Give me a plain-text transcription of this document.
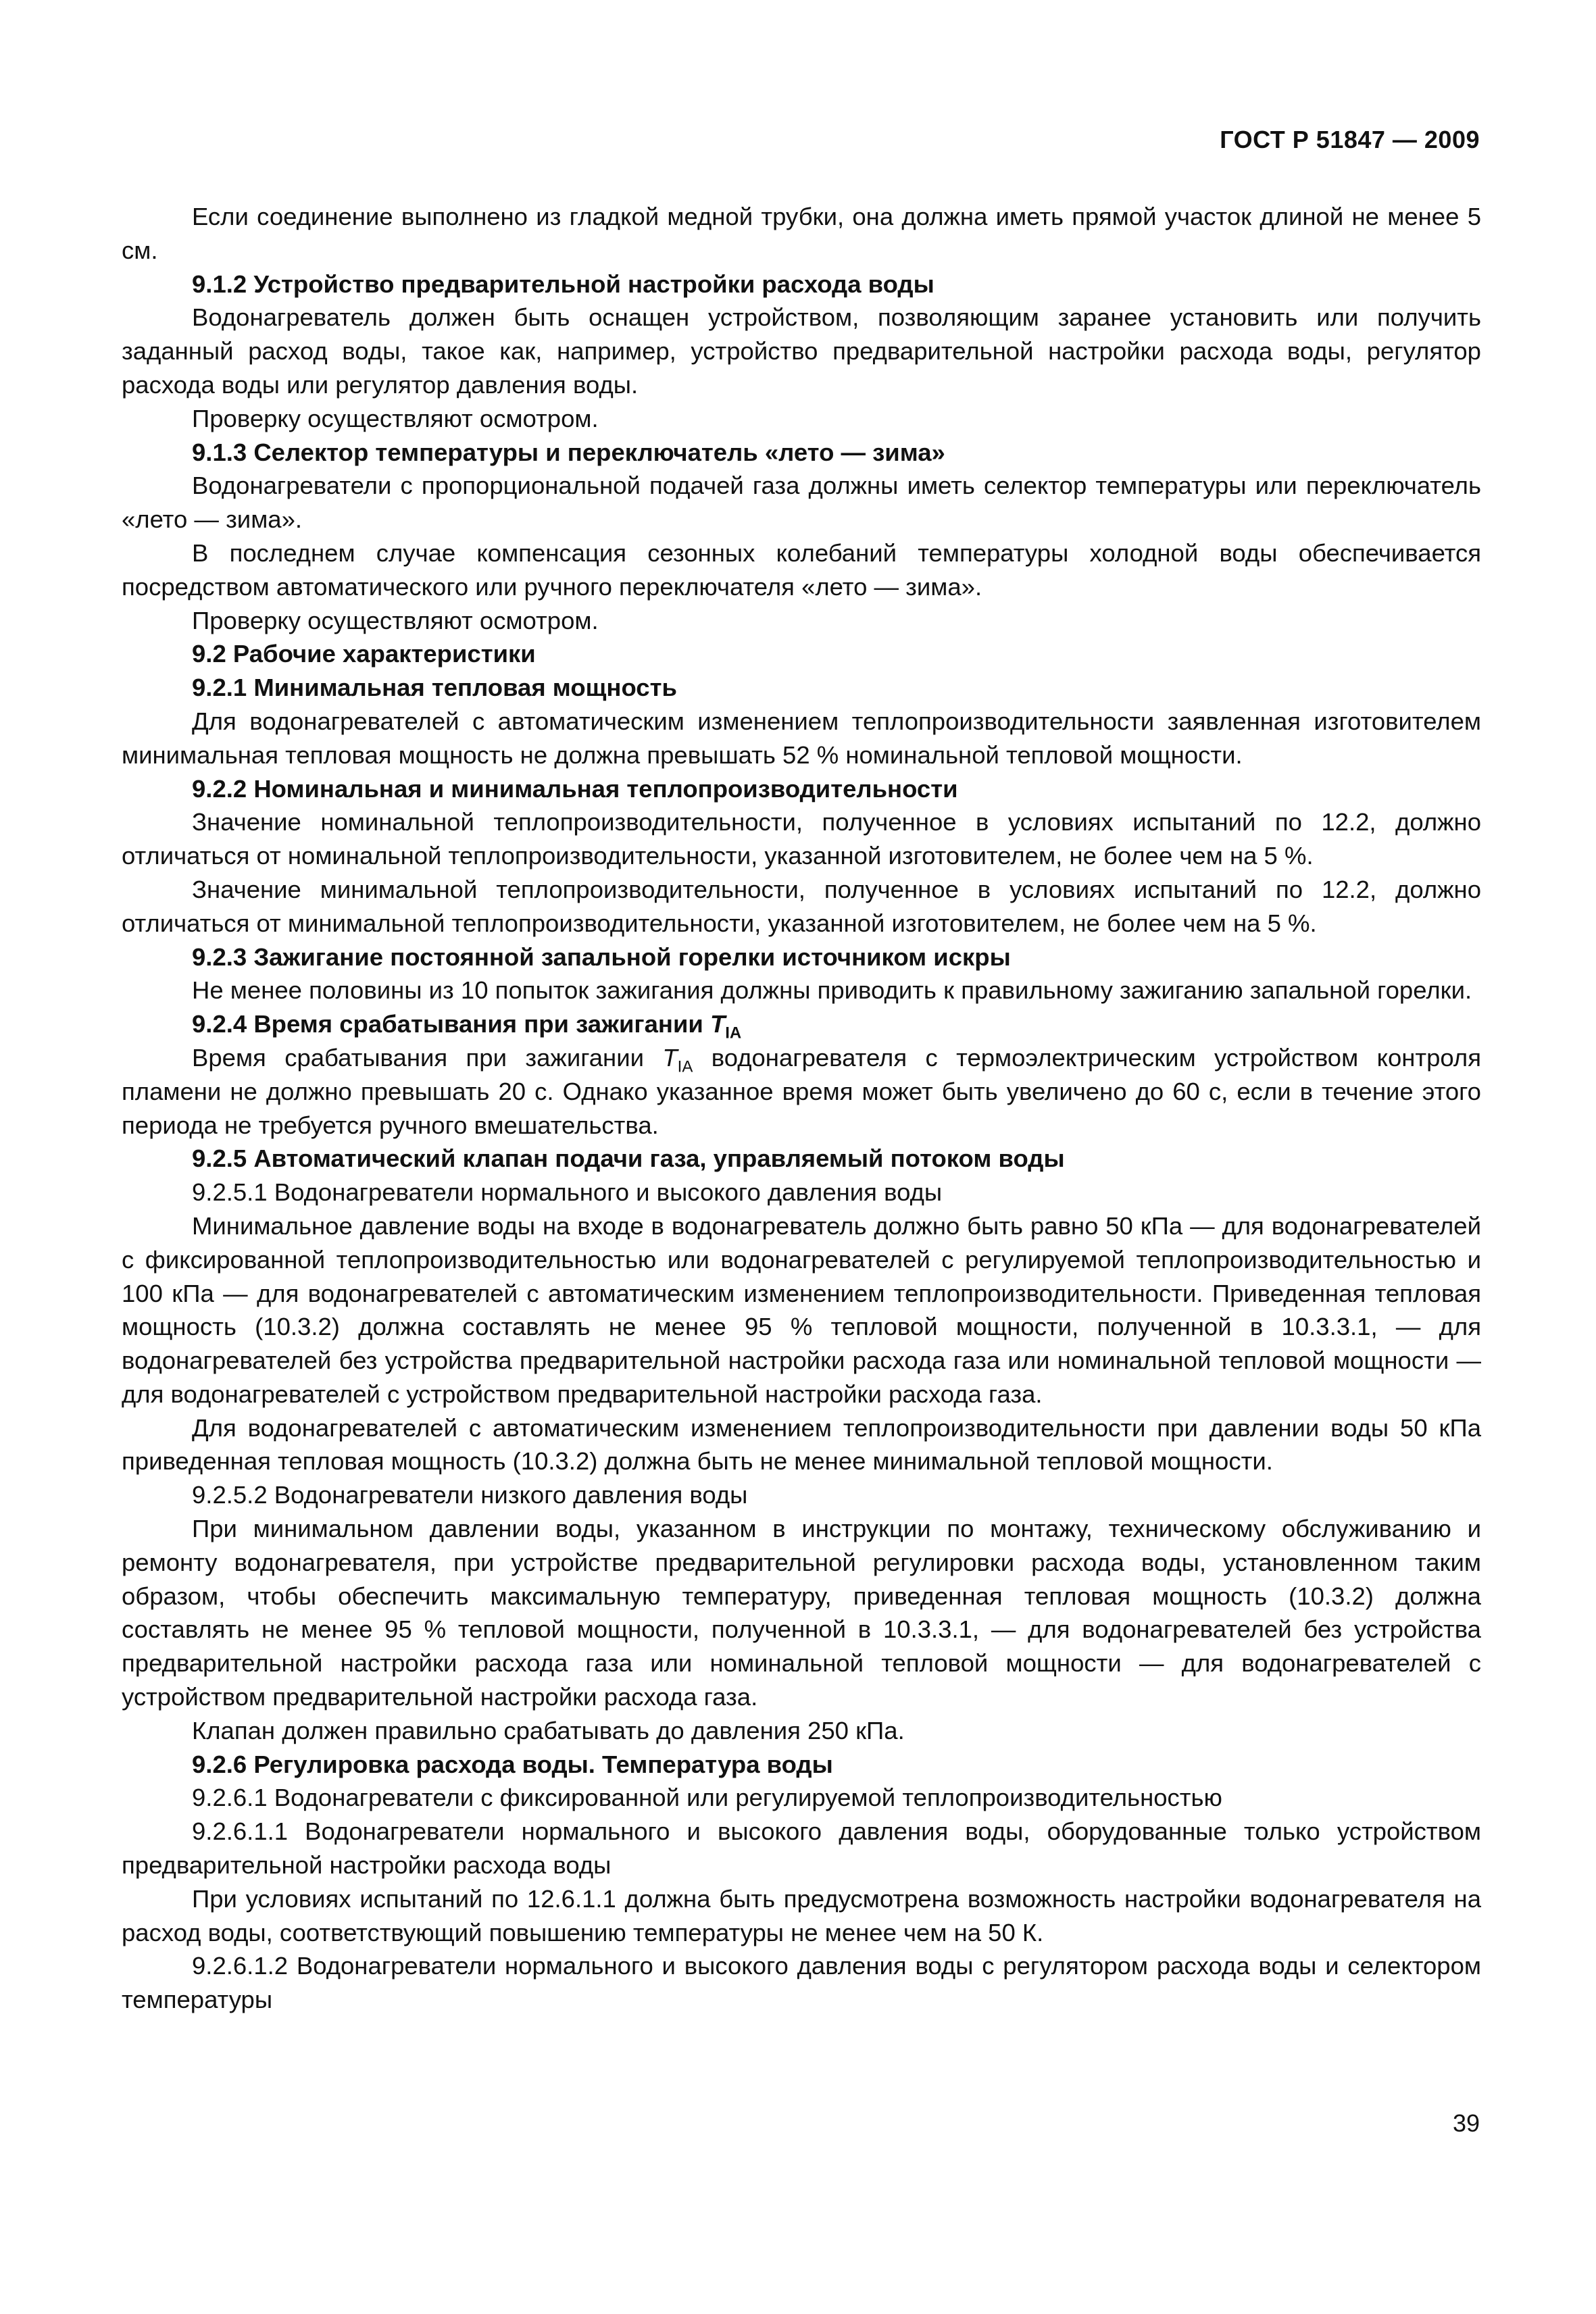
ГОСТ Р 51847 — 2009

Если соединение выполнено из гладкой медной трубки, она должна иметь прямой участок длиной не менее 5 см.

9.1.2 Устройство предварительной настройки расхода воды

Водонагреватель должен быть оснащен устройством, позволяющим заранее установить или получить заданный расход воды, такое как, например, устройство предварительной настройки расхода воды, регулятор расхода воды или регулятор давления воды.

Проверку осуществляют осмотром.

9.1.3 Селектор температуры и переключатель «лето — зима»

Водонагреватели с пропорциональной подачей газа должны иметь селектор температуры или переключатель «лето — зима».

В последнем случае компенсация сезонных колебаний температуры холодной воды обеспечивается посредством автоматического или ручного переключателя «лето — зима».

Проверку осуществляют осмотром.

9.2 Рабочие характеристики

9.2.1 Минимальная тепловая мощность

Для водонагревателей с автоматическим изменением теплопроизводительности заявленная изготовителем минимальная тепловая мощность не должна превышать 52 % номинальной тепловой мощности.

9.2.2 Номинальная и минимальная теплопроизводительности

Значение номинальной теплопроизводительности, полученное в условиях испытаний по 12.2, должно отличаться от номинальной теплопроизводительности, указанной изготовителем, не более чем на 5 %.

Значение минимальной теплопроизводительности, полученное в условиях испытаний по 12.2, должно отличаться от минимальной теплопроизводительности, указанной изготовителем, не более чем на 5 %.

9.2.3 Зажигание постоянной запальной горелки источником искры

Не менее половины из 10 попыток зажигания должны приводить к правильному зажиганию запальной горелки.

9.2.4 Время срабатывания при зажигании $T_{IA}$

Время срабатывания при зажигании $T_{IA}$ водонагревателя с термоэлектрическим устройством контроля пламени не должно превышать 20 с. Однако указанное время может быть увеличено до 60 с, если в течение этого периода не требуется ручного вмешательства.

9.2.5 Автоматический клапан подачи газа, управляемый потоком воды

9.2.5.1 Водонагреватели нормального и высокого давления воды

Минимальное давление воды на входе в водонагреватель должно быть равно 50 кПа — для водонагревателей с фиксированной теплопроизводительностью или водонагревателей с регулируемой теплопроизводительностью и 100 кПа — для водонагревателей с автоматическим изменением теплопроизводительности. Приведенная тепловая мощность (10.3.2) должна составлять не менее 95 % тепловой мощности, полученной в 10.3.3.1, — для водонагревателей без устройства предварительной настройки расхода газа или номинальной тепловой мощности — для водонагревателей с устройством предварительной настройки расхода газа.

Для водонагревателей с автоматическим изменением теплопроизводительности при давлении воды 50 кПа приведенная тепловая мощность (10.3.2) должна быть не менее минимальной тепловой мощности.

9.2.5.2 Водонагреватели низкого давления воды

При минимальном давлении воды, указанном в инструкции по монтажу, техническому обслуживанию и ремонту водонагревателя, при устройстве предварительной регулировки расхода воды, установленном таким образом, чтобы обеспечить максимальную температуру, приведенная тепловая мощность (10.3.2) должна составлять не менее 95 % тепловой мощности, полученной в 10.3.3.1, — для водонагревателей без устройства предварительной настройки расхода газа или номинальной тепловой мощности — для водонагревателей с устройством предварительной настройки расхода газа.

Клапан должен правильно срабатывать до давления 250 кПа.

9.2.6 Регулировка расхода воды. Температура воды

9.2.6.1 Водонагреватели с фиксированной или регулируемой теплопроизводительностью

9.2.6.1.1 Водонагреватели нормального и высокого давления воды, оборудованные только устройством предварительной настройки расхода воды

При условиях испытаний по 12.6.1.1 должна быть предусмотрена возможность настройки водонагревателя на расход воды, соответствующий повышению температуры не менее чем на 50 К.

9.2.6.1.2 Водонагреватели нормального и высокого давления воды с регулятором расхода воды и селектором температуры

39
